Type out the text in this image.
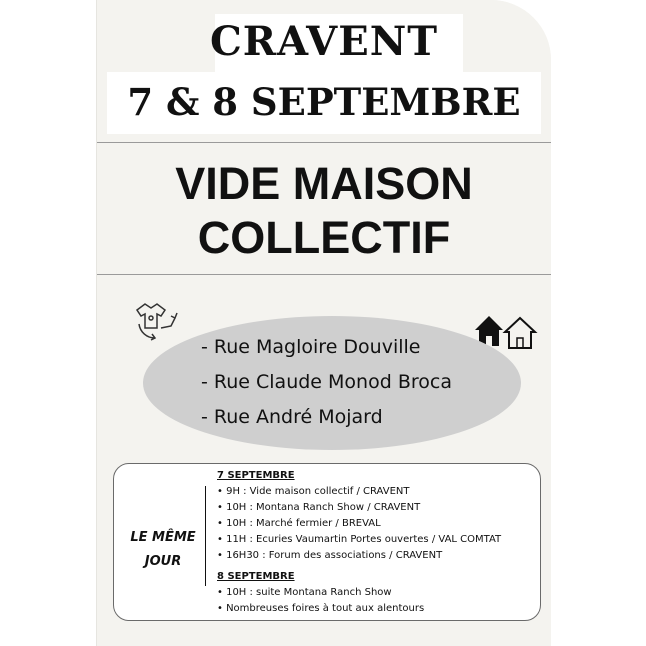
CRAVENT
7 & 8 SEPTEMBRE
VIDE MAISON
COLLECTIF
- Rue Magloire Douville
- Rue Claude Monod Broca
- Rue André Mojard
LE MÊME
JOUR
7 SEPTEMBRE
• 9H : Vide maison collectif / CRAVENT
• 10H : Montana Ranch Show / CRAVENT
• 10H : Marché fermier / BREVAL
• 11H : Ecuries Vaumartin Portes ouvertes / VAL COMTAT
• 16H30 : Forum des associations / CRAVENT
8 SEPTEMBRE
• 10H : suite Montana Ranch Show
• Nombreuses foires à tout aux alentours
